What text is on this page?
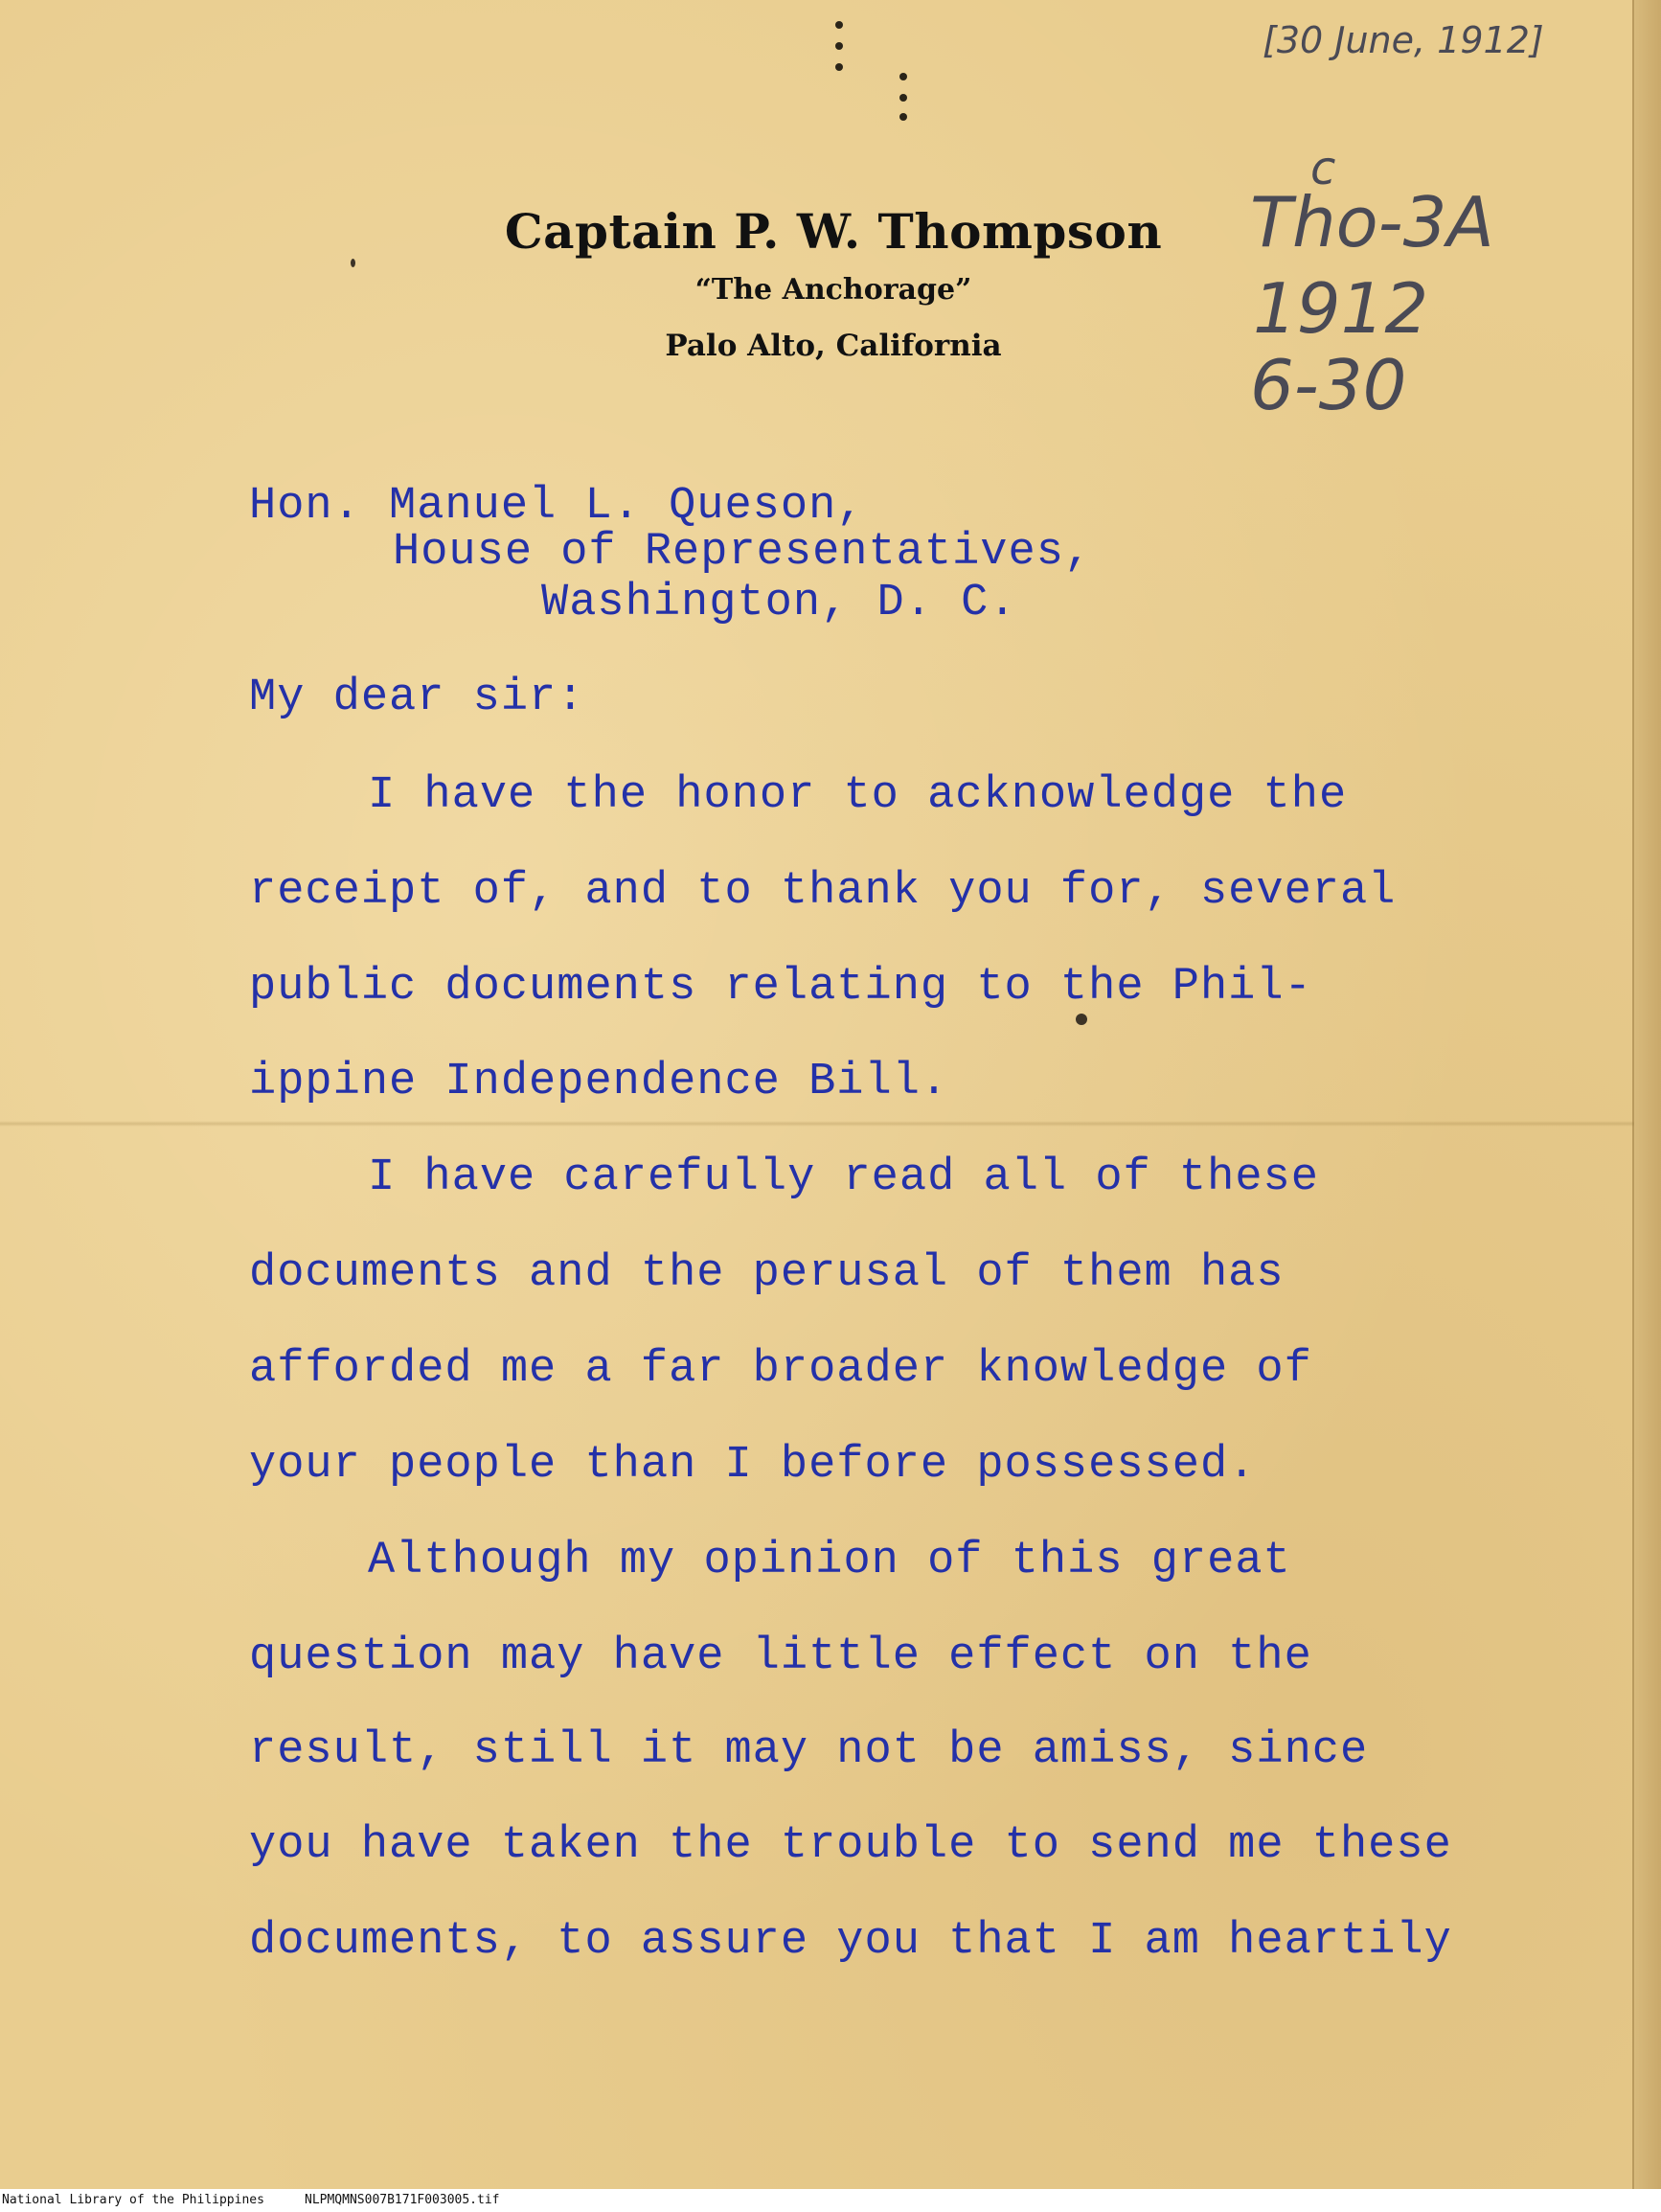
Captain P. W. Thompson
“The Anchorage”
Palo Alto, California
[30 June, 1912]
c
Tho-3A
1912
6-30
Hon. Manuel L. Queson,
House of Representatives,
Washington, D. C.
My dear sir:
I have the honor to acknowledge the
receipt of, and to thank you for, several
public documents relating to the Phil-
ippine Independence Bill.
I have carefully read all of these
documents and the perusal of them has
afforded me a far broader knowledge of
your people than I before possessed.
Although my opinion of this great
question may have little effect on the
result, still it may not be amiss, since
you have taken the trouble to send me these
documents, to assure you that I am heartily
National Library of the Philippines	NLPMQMNS007B171F003005.tif
